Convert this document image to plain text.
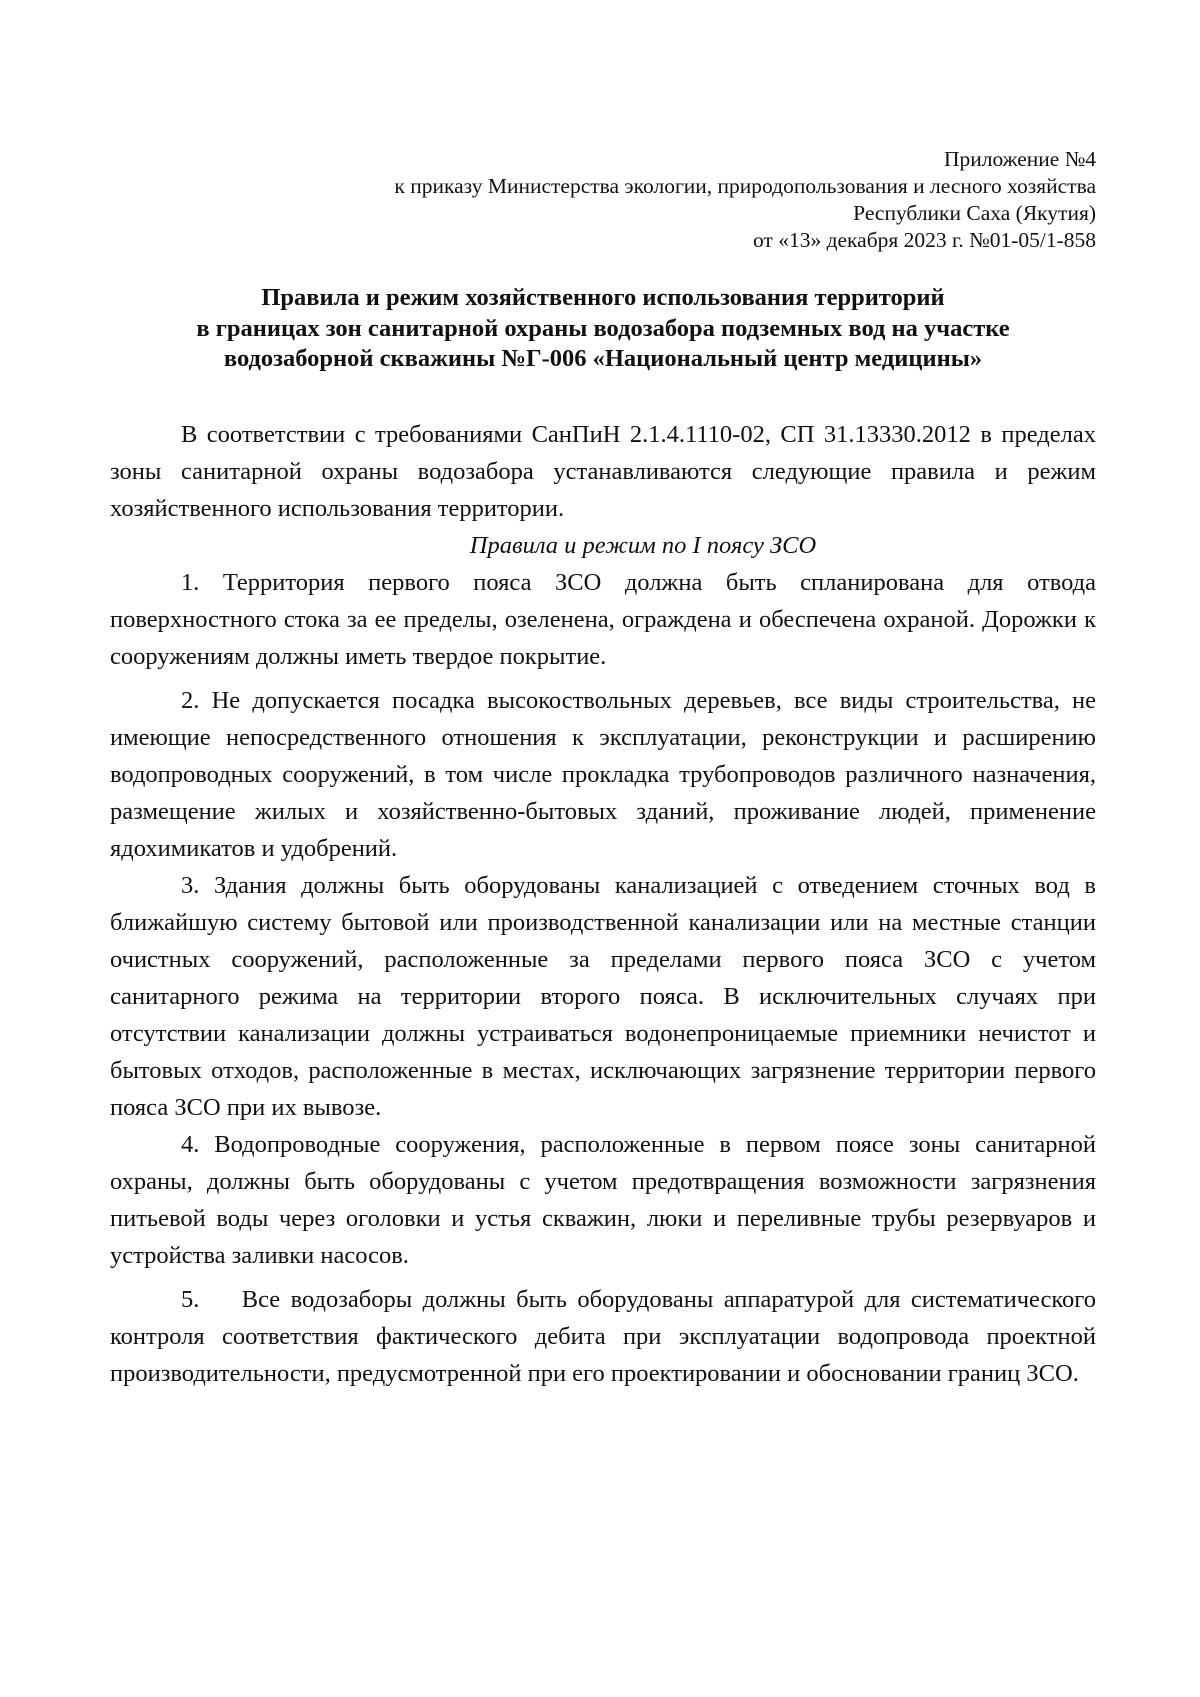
Приложение №4
к приказу Министерства экологии, природопользования и лесного хозяйства
Республики Саха (Якутия)
от «13» декабря 2023 г. №01-05/1-858
Правила и режим хозяйственного использования территорий
в границах зон санитарной охраны водозабора подземных вод на участке
водозаборной скважины №Г-006 «Национальный центр медицины»

В соответствии с требованиями СанПиН 2.1.4.1110-02, СП 31.13330.2012 в пределах зоны санитарной охраны водозабора устанавливаются следующие правила и режим хозяйственного использования территории.

Правила и режим по I поясу ЗСО

1. Территория первого пояса ЗСО должна быть спланирована для отвода поверхностного стока за ее пределы, озеленена, ограждена и обеспечена охраной. Дорожки к сооружениям должны иметь твердое покрытие.

2. Не допускается посадка высокоствольных деревьев, все виды строительства, не имеющие непосредственного отношения к эксплуатации, реконструкции и расширению водопроводных сооружений, в том числе прокладка трубопроводов различного назначения, размещение жилых и хозяйственно-бытовых зданий, проживание людей, применение ядохимикатов и удобрений.

3. Здания должны быть оборудованы канализацией с отведением сточных вод в ближайшую систему бытовой или производственной канализации или на местные станции очистных сооружений, расположенные за пределами первого пояса ЗСО с учетом санитарного режима на территории второго пояса. В исключительных случаях при отсутствии канализации должны устраиваться водонепроницаемые приемники нечистот и бытовых отходов, расположенные в местах, исключающих загрязнение территории первого пояса ЗСО при их вывозе.

4. Водопроводные сооружения, расположенные в первом поясе зоны санитарной охраны, должны быть оборудованы с учетом предотвращения возможности загрязнения питьевой воды через оголовки и устья скважин, люки и переливные трубы резервуаров и устройства заливки насосов.

5. Все водозаборы должны быть оборудованы аппаратурой для систематического контроля соответствия фактического дебита при эксплуатации водопровода проектной производительности, предусмотренной при его проектировании и обосновании границ ЗСО.
